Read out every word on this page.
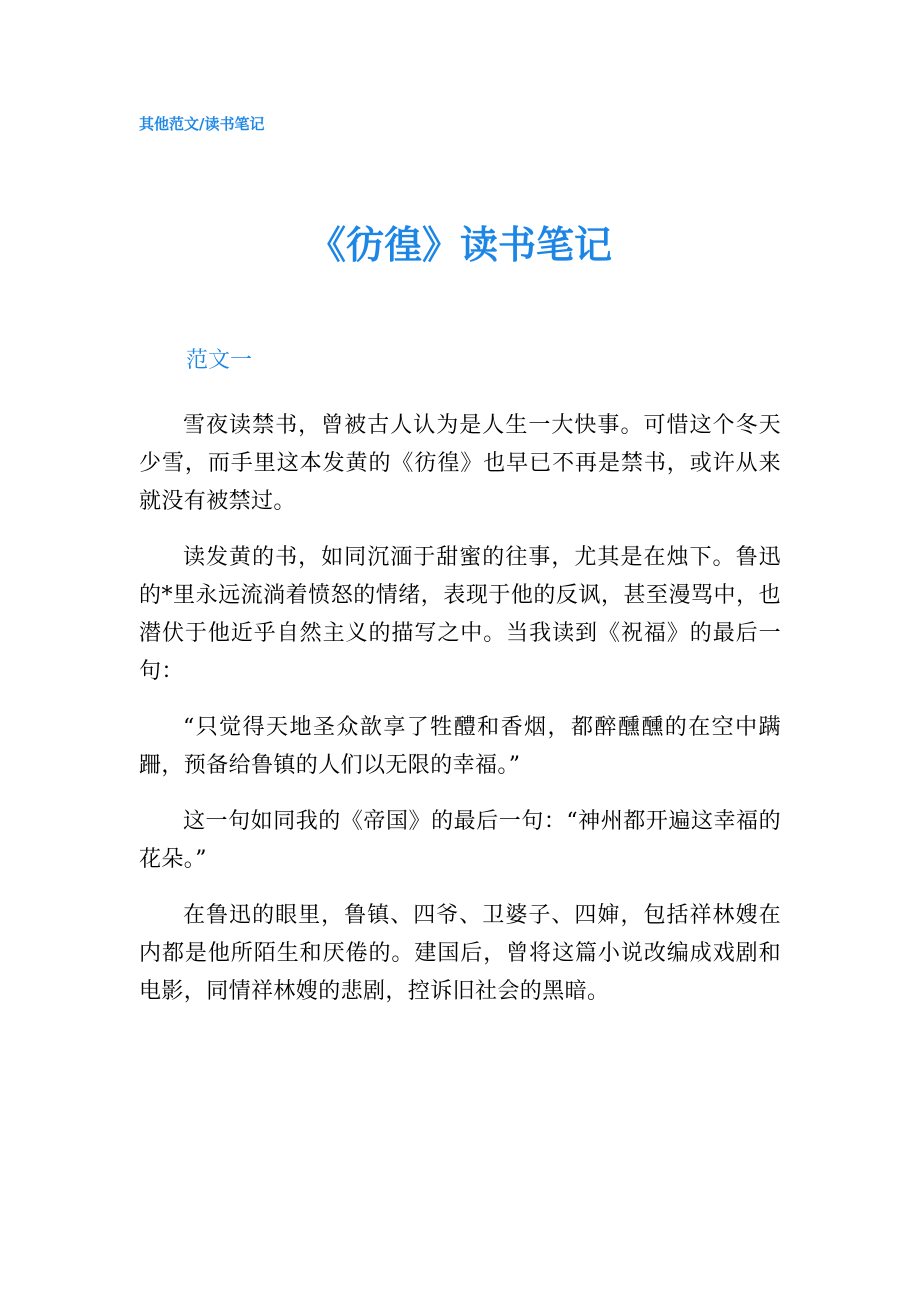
其他范文/读书笔记
《彷徨》读书笔记
范文一

雪夜读禁书，曾被古人认为是人生一大快事。可惜这个冬天少雪，而手里这本发黄的《彷徨》也早已不再是禁书，或许从来就没有被禁过。

读发黄的书，如同沉湎于甜蜜的往事，尤其是在烛下。鲁迅的*里永远流淌着愤怒的情绪，表现于他的反讽，甚至漫骂中，也潜伏于他近乎自然主义的描写之中。当我读到《祝福》的最后一句：

“只觉得天地圣众歆享了牲醴和香烟，都醉醺醺的在空中蹒跚，预备给鲁镇的人们以无限的幸福。”

这一句如同我的《帝国》的最后一句：“神州都开遍这幸福的花朵。”

在鲁迅的眼里，鲁镇、四爷、卫婆子、四婶，包括祥林嫂在内都是他所陌生和厌倦的。建国后，曾将这篇小说改编成戏剧和电影，同情祥林嫂的悲剧，控诉旧社会的黑暗。
